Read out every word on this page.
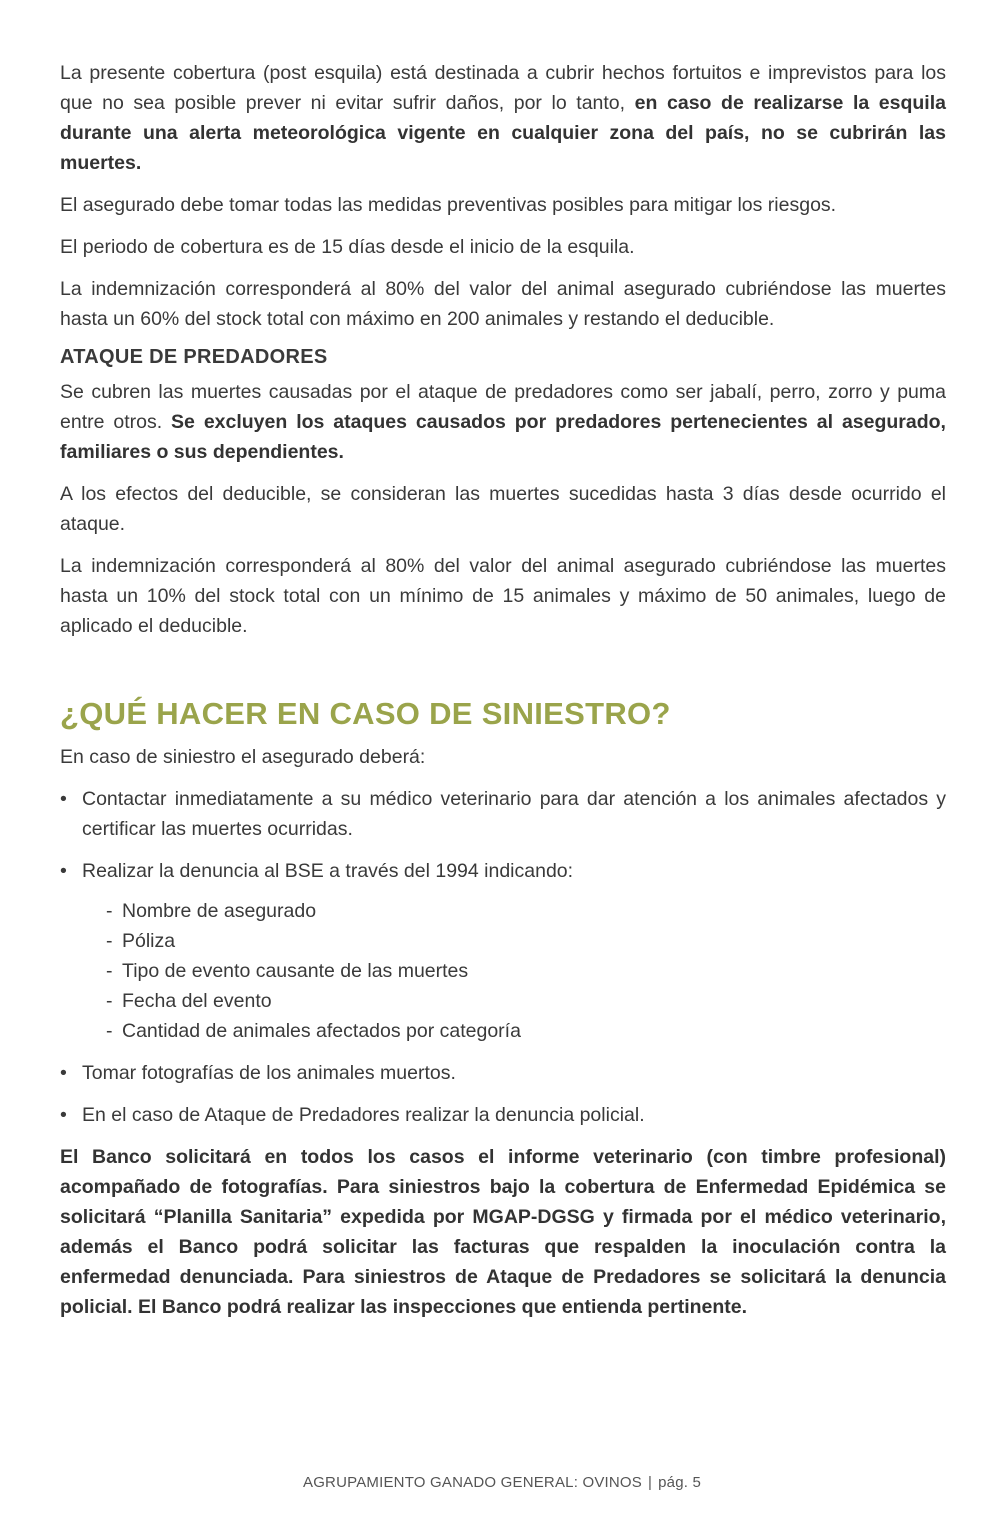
La presente cobertura (post esquila) está destinada a cubrir hechos fortuitos e imprevistos para los que no sea posible prever ni evitar sufrir daños, por lo tanto, en caso de realizarse la esquila durante una alerta meteorológica vigente en cualquier zona del país, no se cubrirán las muertes.

El asegurado debe tomar todas las medidas preventivas posibles para mitigar los riesgos.

El periodo de cobertura es de 15 días desde el inicio de la esquila.

La indemnización corresponderá al 80% del valor del animal asegurado cubriéndose las muertes hasta un 60% del stock total con máximo en 200 animales y restando el deducible.

ATAQUE DE PREDADORES

Se cubren las muertes causadas por el ataque de predadores como ser jabalí, perro, zorro y puma entre otros. Se excluyen los ataques causados por predadores pertenecientes al asegurado, familiares o sus dependientes.

A los efectos del deducible, se consideran las muertes sucedidas hasta 3 días desde ocurrido el ataque.

La indemnización corresponderá al 80% del valor del animal asegurado cubriéndose las muertes hasta un 10% del stock total con un mínimo de 15 animales y máximo de 50 animales, luego de aplicado el deducible.

¿QUÉ HACER EN CASO DE SINIESTRO?

En caso de siniestro el asegurado deberá:

• Contactar inmediatamente a su médico veterinario para dar atención a los animales afectados y certificar las muertes ocurridas.
• Realizar la denuncia al BSE a través del 1994 indicando:
- Nombre de asegurado
- Póliza
- Tipo de evento causante de las muertes
- Fecha del evento
- Cantidad de animales afectados por categoría
• Tomar fotografías de los animales muertos.
• En el caso de Ataque de Predadores realizar la denuncia policial.

El Banco solicitará en todos los casos el informe veterinario (con timbre profesional) acompañado de fotografías. Para siniestros bajo la cobertura de Enfermedad Epidémica se solicitará “Planilla Sanitaria” expedida por MGAP-DGSG y firmada por el médico veterinario, además el Banco podrá solicitar las facturas que respalden la inoculación contra la enfermedad denunciada. Para siniestros de Ataque de Predadores se solicitará la denuncia policial. El Banco podrá realizar las inspecciones que entienda pertinente.

AGRUPAMIENTO GANADO GENERAL: OVINOS | pág. 5
